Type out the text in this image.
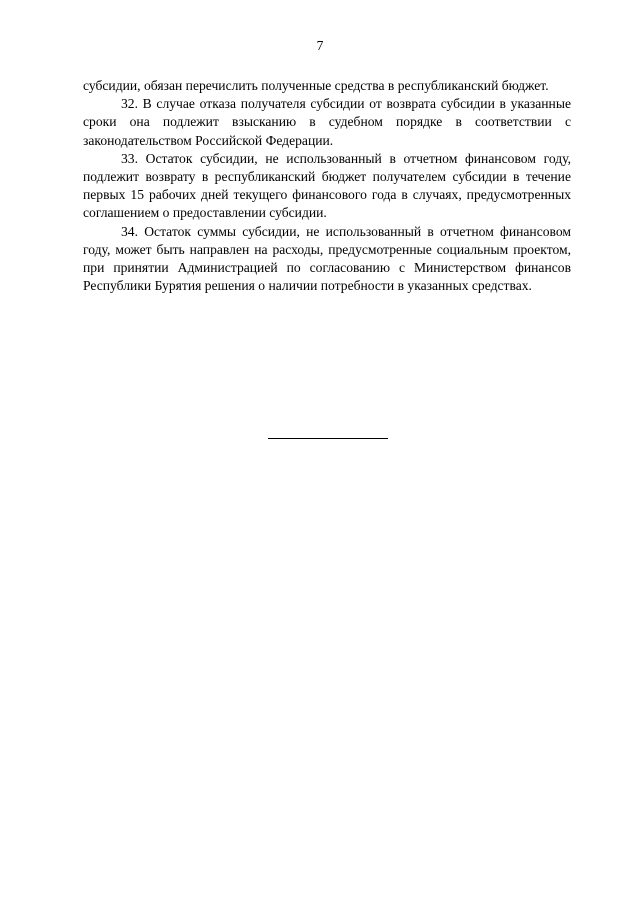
7

субсидии, обязан перечислить полученные средства в республиканский бюджет.

32. В случае отказа получателя субсидии от возврата субсидии в указанные сроки она подлежит взысканию в судебном порядке в соответствии с законодательством Российской Федерации.

33. Остаток субсидии, не использованный в отчетном финансовом году, подлежит возврату в республиканский бюджет получателем субсидии в течение первых 15 рабочих дней текущего финансового года в случаях, предусмотренных соглашением о предоставлении субсидии.

34. Остаток суммы субсидии, не использованный в отчетном финансовом году, может быть направлен на расходы, предусмотренные социальным проектом, при принятии Администрацией по согласованию с Министерством финансов Республики Бурятия решения о наличии потребности в указанных средствах.
